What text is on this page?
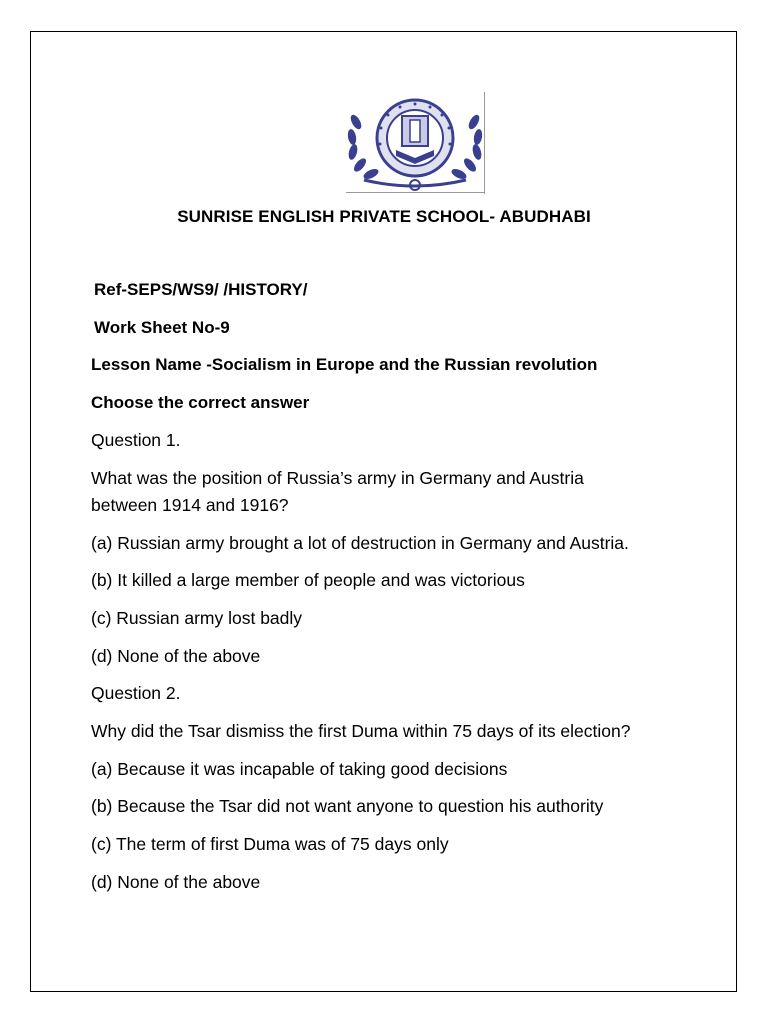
SUNRISE ENGLISH PRIVATE SCHOOL- ABUDHABI
Ref-SEPS/WS9/ /HISTORY/
Work Sheet No-9
Lesson Name -Socialism in Europe and the Russian revolution
Choose the correct answer
Question 1.
What was the position of Russia’s army in Germany and Austria between 1914 and 1916?
(a) Russian army brought a lot of destruction in Germany and Austria.
(b) It killed a large member of people and was victorious
(c) Russian army lost badly
(d) None of the above
Question 2.
Why did the Tsar dismiss the first Duma within 75 days of its election?
(a) Because it was incapable of taking good decisions
(b) Because the Tsar did not want anyone to question his authority
(c) The term of first Duma was of 75 days only
(d) None of the above
